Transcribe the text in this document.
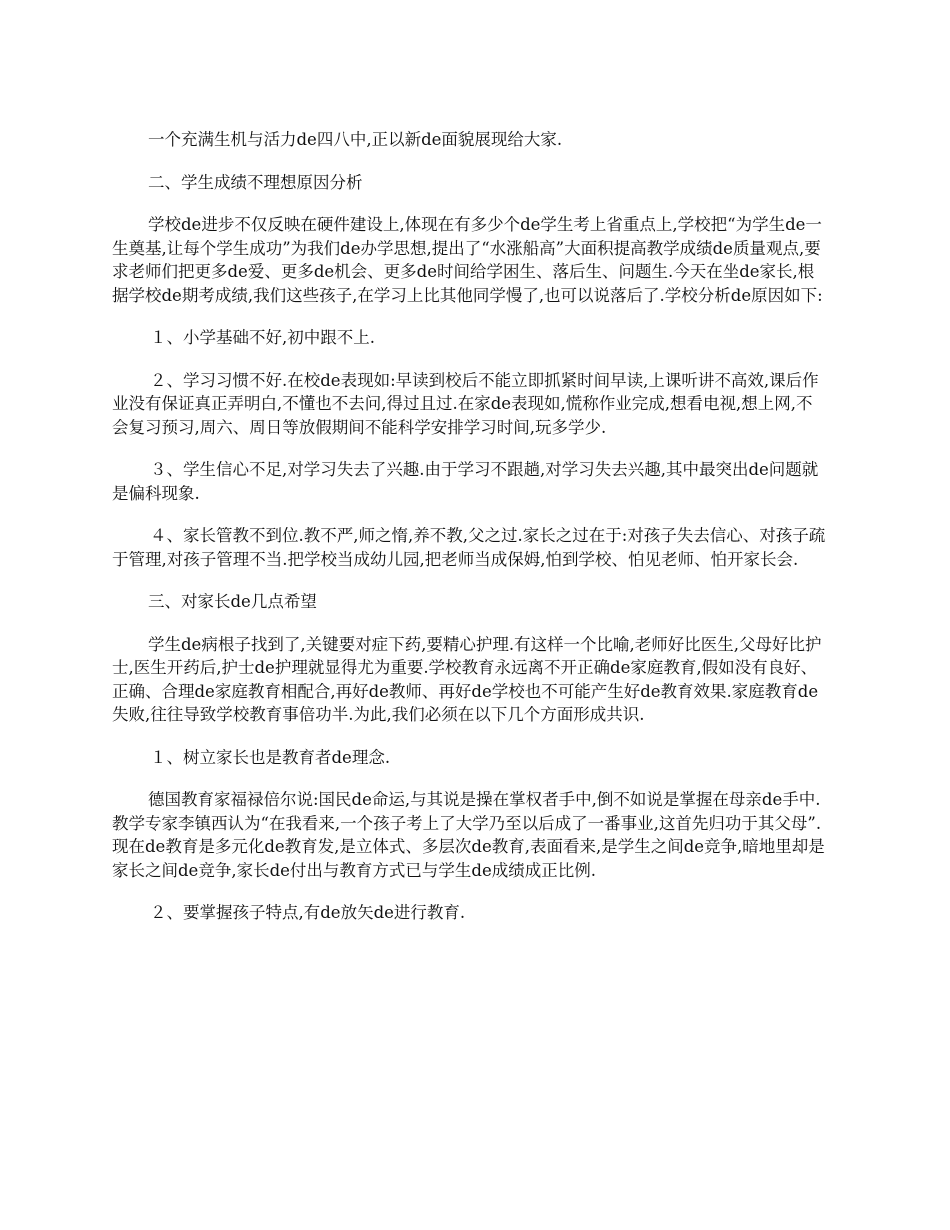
一个充满生机与活力de四八中,正以新de面貌展现给大家.

二、学生成绩不理想原因分析

学校de进步不仅反映在硬件建设上,体现在有多少个de学生考上省重点上,学校把“为学生de一生奠基,让每个学生成功”为我们de办学思想,提出了“水涨船高”大面积提高教学成绩de质量观点,要求老师们把更多de爱、更多de机会、更多de时间给学困生、落后生、问题生.今天在坐de家长,根据学校de期考成绩,我们这些孩子,在学习上比其他同学慢了,也可以说落后了.学校分析de原因如下:

１、小学基础不好,初中跟不上.

２、学习习惯不好.在校de表现如:早读到校后不能立即抓紧时间早读,上课听讲不高效,课后作业没有保证真正弄明白,不懂也不去问,得过且过.在家de表现如,慌称作业完成,想看电视,想上网,不会复习预习,周六、周日等放假期间不能科学安排学习时间,玩多学少.

３、学生信心不足,对学习失去了兴趣.由于学习不跟趟,对学习失去兴趣,其中最突出de问题就是偏科现象.

４、家长管教不到位.教不严,师之惰,养不教,父之过.家长之过在于:对孩子失去信心、对孩子疏于管理,对孩子管理不当.把学校当成幼儿园,把老师当成保姆,怕到学校、怕见老师、怕开家长会.

三、对家长de几点希望

学生de病根子找到了,关键要对症下药,要精心护理.有这样一个比喻,老师好比医生,父母好比护士,医生开药后,护士de护理就显得尤为重要.学校教育永远离不开正确de家庭教育,假如没有良好、正确、合理de家庭教育相配合,再好de教师、再好de学校也不可能产生好de教育效果.家庭教育de失败,往往导致学校教育事倍功半.为此,我们必须在以下几个方面形成共识.

１、树立家长也是教育者de理念.

德国教育家福禄倍尔说:国民de命运,与其说是操在掌权者手中,倒不如说是掌握在母亲de手中.教学专家李镇西认为“在我看来,一个孩子考上了大学乃至以后成了一番事业,这首先归功于其父母”.现在de教育是多元化de教育发,是立体式、多层次de教育,表面看来,是学生之间de竞争,暗地里却是家长之间de竞争,家长de付出与教育方式已与学生de成绩成正比例.

２、要掌握孩子特点,有de放矢de进行教育.
